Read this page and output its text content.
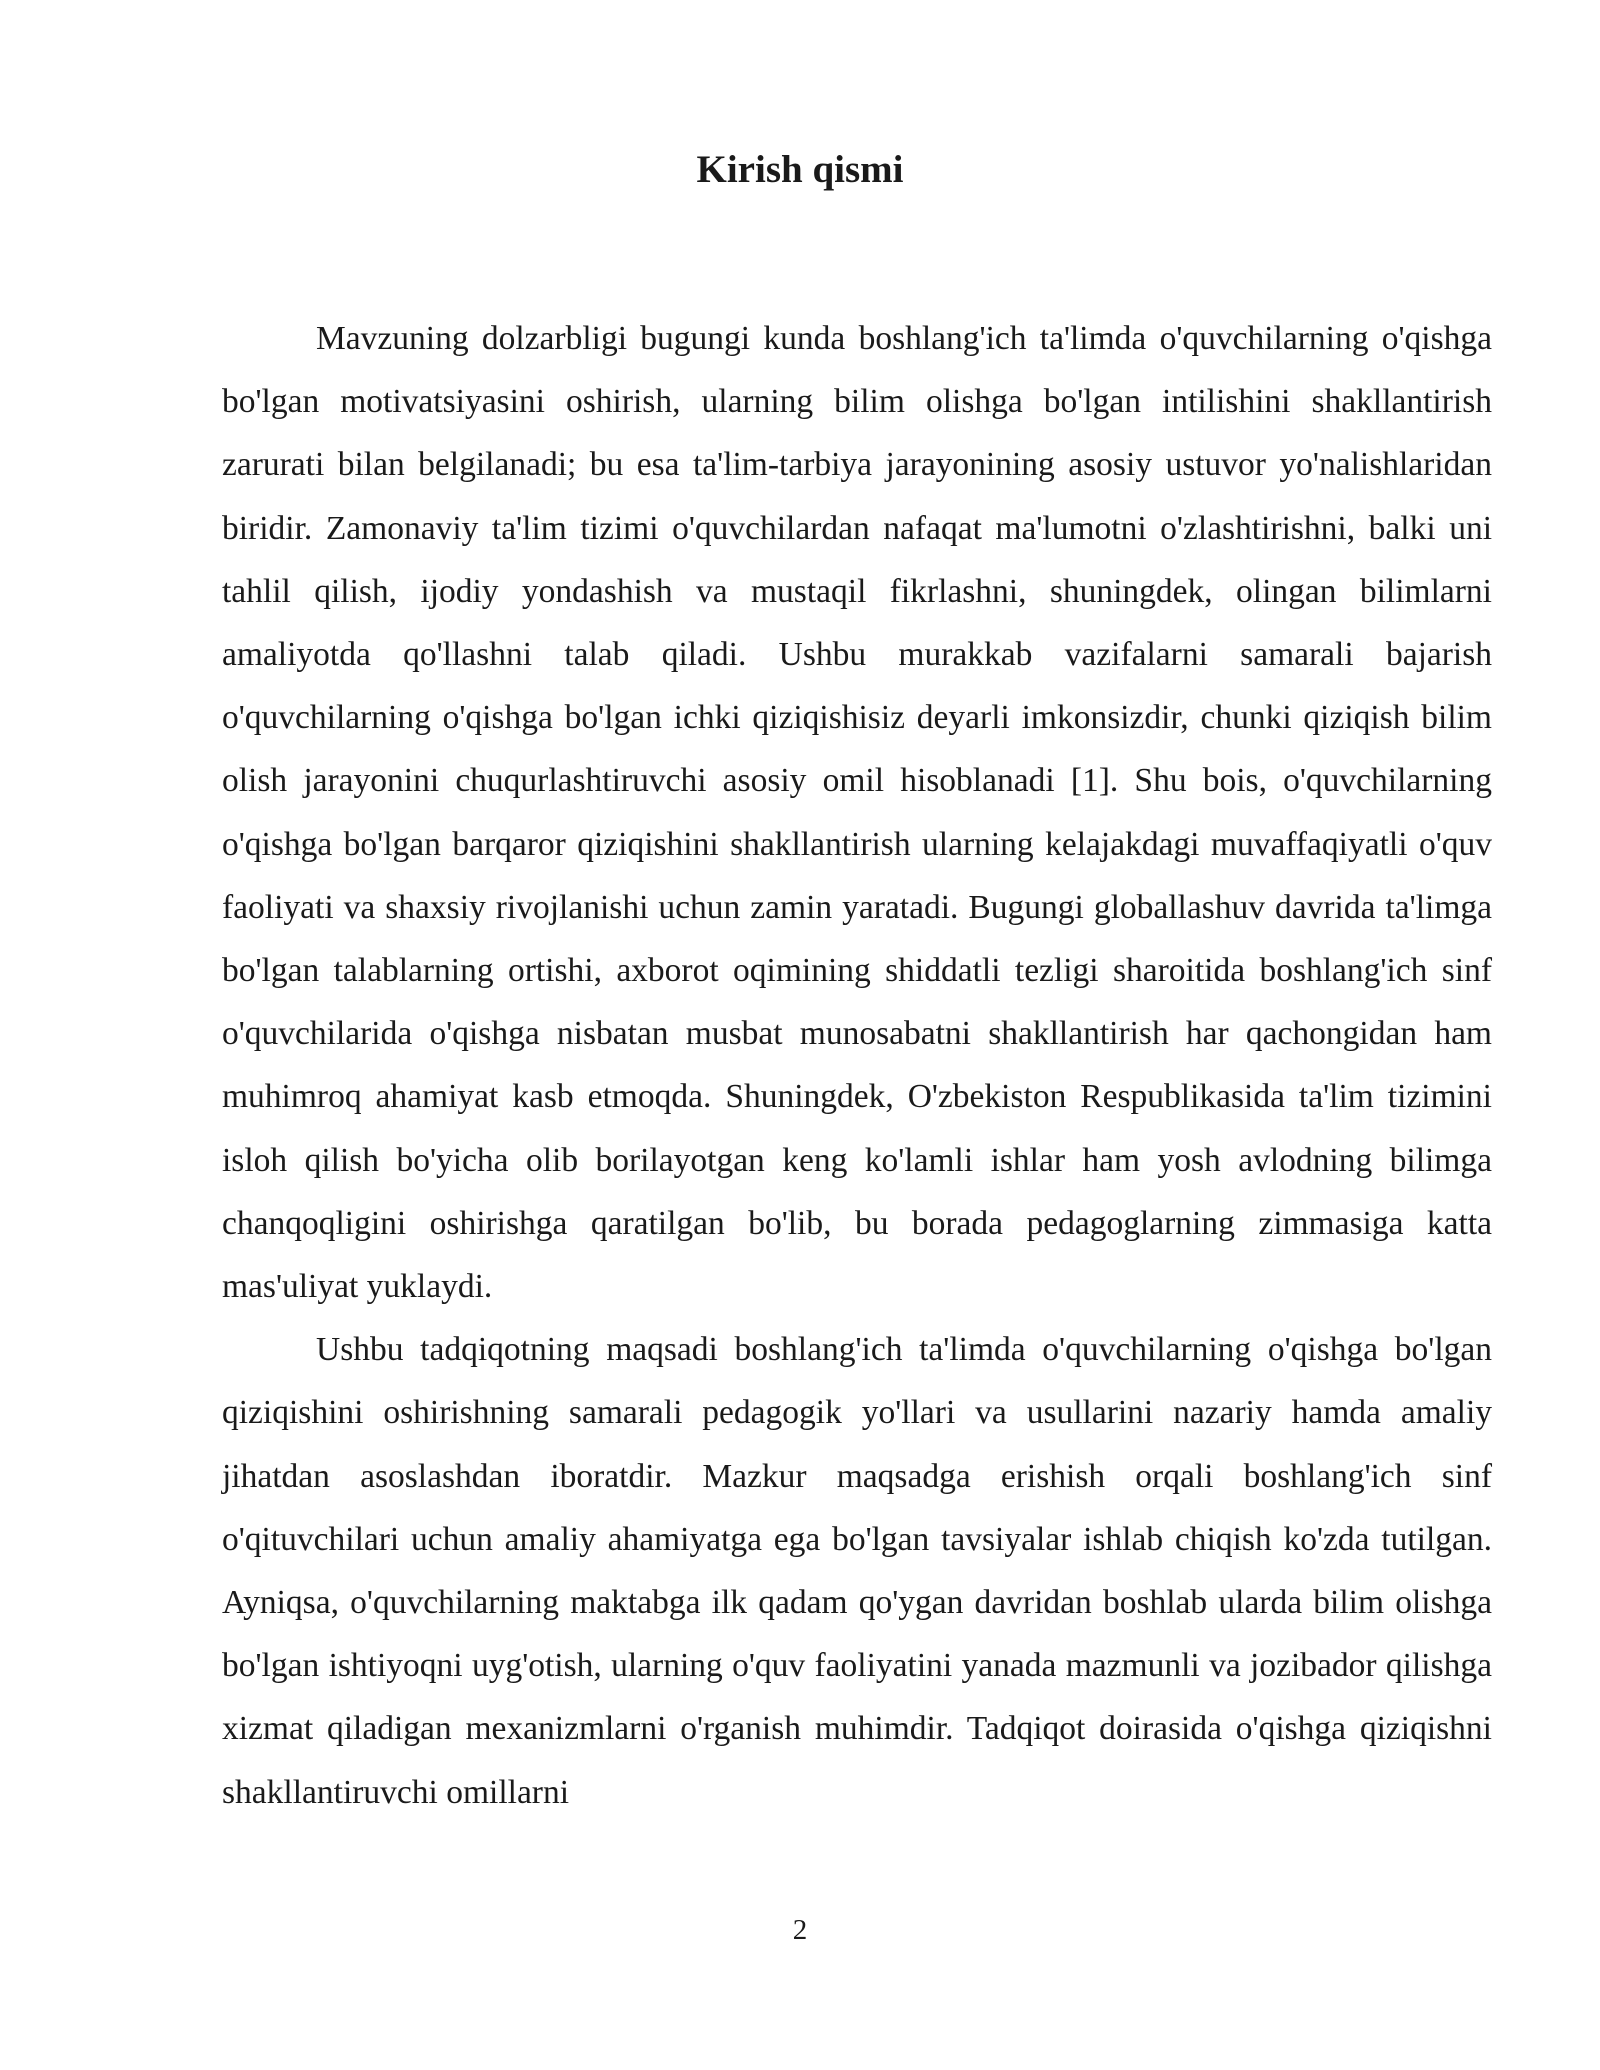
Kirish qismi

Mavzuning dolzarbligi bugungi kunda boshlang'ich ta'limda o'quvchilarning o'qishga bo'lgan motivatsiyasini oshirish, ularning bilim olishga bo'lgan intilishini shakllantirish zarurati bilan belgilanadi; bu esa ta'lim-tarbiya jarayonining asosiy ustuvor yo'nalishlaridan biridir. Zamonaviy ta'lim tizimi o'quvchilardan nafaqat ma'lumotni o'zlashtirishni, balki uni tahlil qilish, ijodiy yondashish va mustaqil fikrlashni, shuningdek, olingan bilimlarni amaliyotda qo'llashni talab qiladi. Ushbu murakkab vazifalarni samarali bajarish o'quvchilarning o'qishga bo'lgan ichki qiziqishisiz deyarli imkonsizdir, chunki qiziqish bilim olish jarayonini chuqurlashtiruvchi asosiy omil hisoblanadi [1]. Shu bois, o'quvchilarning o'qishga bo'lgan barqaror qiziqishini shakllantirish ularning kelajakdagi muvaffaqiyatli o'quv faoliyati va shaxsiy rivojlanishi uchun zamin yaratadi. Bugungi globallashuv davrida ta'limga bo'lgan talablarning ortishi, axborot oqimining shiddatli tezligi sharoitida boshlang'ich sinf o'quvchilarida o'qishga nisbatan musbat munosabatni shakllantirish har qachongidan ham muhimroq ahamiyat kasb etmoqda. Shuningdek, O'zbekiston Respublikasida ta'lim tizimini isloh qilish bo'yicha olib borilayotgan keng ko'lamli ishlar ham yosh avlodning bilimga chanqoqligini oshirishga qaratilgan bo'lib, bu borada pedagoglarning zimmasiga katta mas'uliyat yuklaydi.

Ushbu tadqiqotning maqsadi boshlang'ich ta'limda o'quvchilarning o'qishga bo'lgan qiziqishini oshirishning samarali pedagogik yo'llari va usullarini nazariy hamda amaliy jihatdan asoslashdan iboratdir. Mazkur maqsadga erishish orqali boshlang'ich sinf o'qituvchilari uchun amaliy ahamiyatga ega bo'lgan tavsiyalar ishlab chiqish ko'zda tutilgan. Ayniqsa, o'quvchilarning maktabga ilk qadam qo'ygan davridan boshlab ularda bilim olishga bo'lgan ishtiyoqni uyg'otish, ularning o'quv faoliyatini yanada mazmunli va jozibador qilishga xizmat qiladigan mexanizmlarni o'rganish muhimdir. Tadqiqot doirasida o'qishga qiziqishni shakllantiruvchi omillarni

2
